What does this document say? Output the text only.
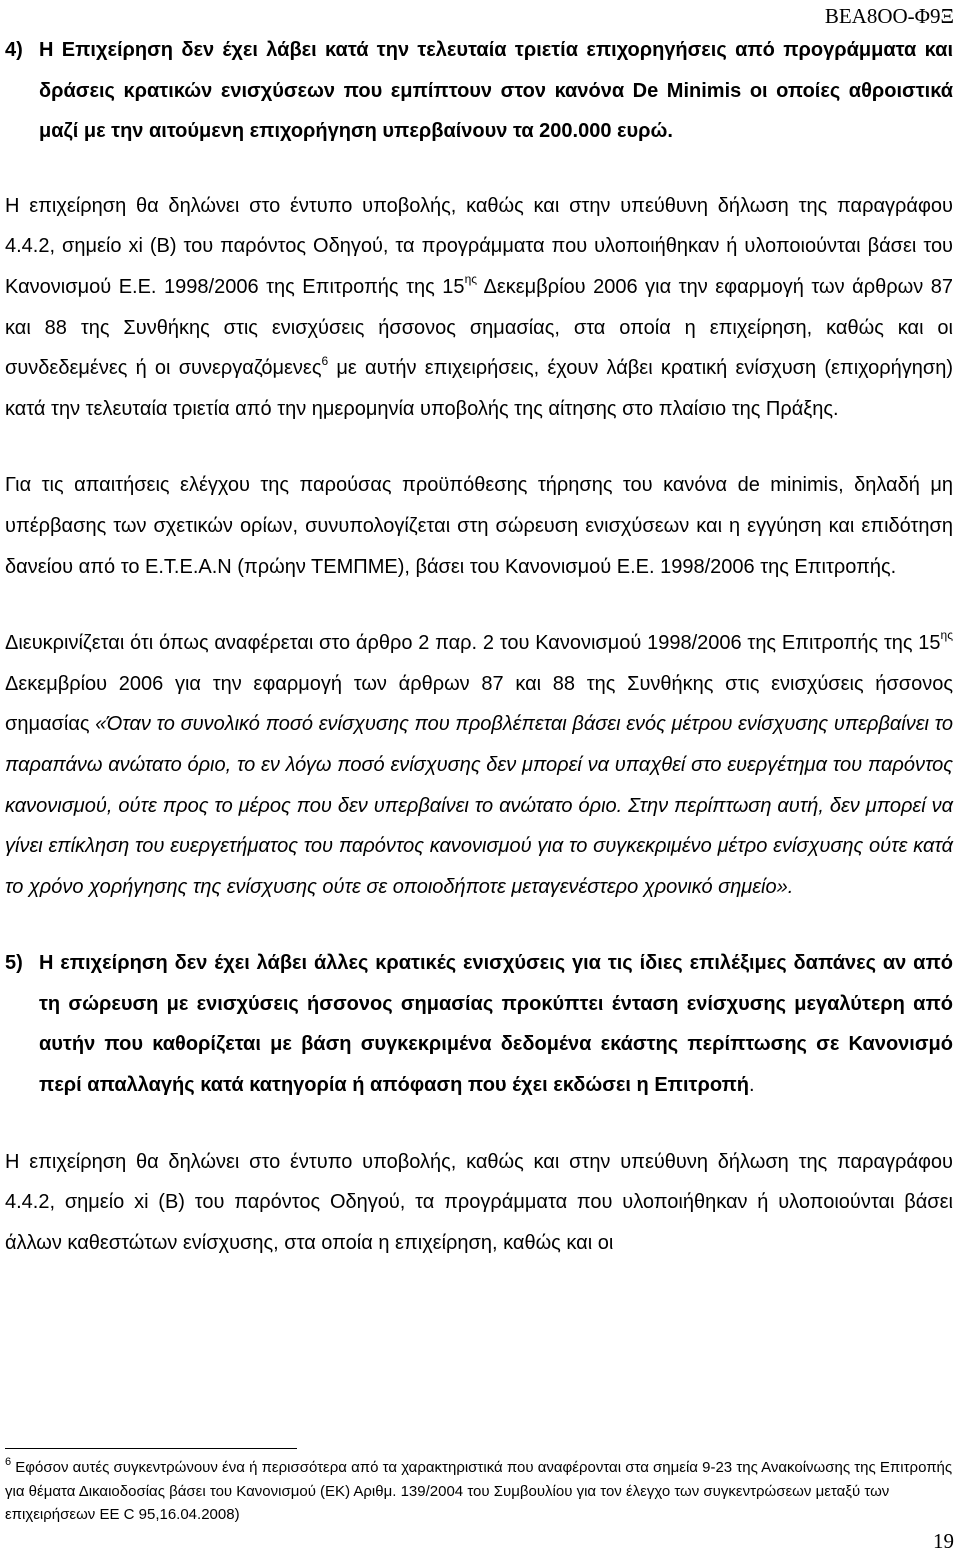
ΒΕΑ8ΟΟ-Φ9Ξ

4) Η Επιχείρηση δεν έχει λάβει κατά την τελευταία τριετία επιχορηγήσεις από προγράμματα και δράσεις κρατικών ενισχύσεων που εμπίπτουν στον κανόνα De Minimis οι οποίες αθροιστικά μαζί με την αιτούμενη επιχορήγηση υπερβαίνουν τα 200.000 ευρώ.

Η επιχείρηση θα δηλώνει στο έντυπο υποβολής, καθώς και στην υπεύθυνη δήλωση της παραγράφου 4.4.2, σημείο xi (Β) του παρόντος Οδηγού, τα προγράμματα που υλοποιήθηκαν ή υλοποιούνται βάσει του Κανονισμού Ε.Ε. 1998/2006 της Επιτροπής της $15^{\eta\varsigma}$ Δεκεμβρίου 2006 για την εφαρμογή των άρθρων 87 και 88 της Συνθήκης στις ενισχύσεις ήσσονος σημασίας, στα οποία η επιχείρηση, καθώς και οι συνδεδεμένες ή οι συνεργαζόμενες$^6$ με αυτήν επιχειρήσεις, έχουν λάβει κρατική ενίσχυση (επιχορήγηση) κατά την τελευταία τριετία από την ημερομηνία υποβολής της αίτησης στο πλαίσιο της Πράξης.

Για τις απαιτήσεις ελέγχου της παρούσας προϋπόθεσης τήρησης του κανόνα de minimis, δηλαδή μη υπέρβασης των σχετικών ορίων, συνυπολογίζεται στη σώρευση ενισχύσεων και η εγγύηση και επιδότηση δανείου από το Ε.Τ.Ε.Α.Ν (πρώην ΤΕΜΠΜΕ), βάσει του Κανονισμού Ε.Ε. 1998/2006 της Επιτροπής.

Διευκρινίζεται ότι όπως αναφέρεται στο άρθρο 2 παρ. 2 του Κανονισμού 1998/2006 της Επιτροπής της $15^{\eta\varsigma}$ Δεκεμβρίου 2006 για την εφαρμογή των άρθρων 87 και 88 της Συνθήκης στις ενισχύσεις ήσσονος σημασίας «Όταν το συνολικό ποσό ενίσχυσης που προβλέπεται βάσει ενός μέτρου ενίσχυσης υπερβαίνει το παραπάνω ανώτατο όριο, το εν λόγω ποσό ενίσχυσης δεν μπορεί να υπαχθεί στο ευεργέτημα του παρόντος κανονισμού, ούτε προς το μέρος που δεν υπερβαίνει το ανώτατο όριο. Στην περίπτωση αυτή, δεν μπορεί να γίνει επίκληση του ευεργετήματος του παρόντος κανονισμού για το συγκεκριμένο μέτρο ενίσχυσης ούτε κατά το χρόνο χορήγησης της ενίσχυσης ούτε σε οποιοδήποτε μεταγενέστερο χρονικό σημείο».

5) Η επιχείρηση δεν έχει λάβει άλλες κρατικές ενισχύσεις για τις ίδιες επιλέξιμες δαπάνες αν από τη σώρευση με ενισχύσεις ήσσονος σημασίας προκύπτει ένταση ενίσχυσης μεγαλύτερη από αυτήν που καθορίζεται με βάση συγκεκριμένα δεδομένα εκάστης περίπτωσης σε Κανονισμό περί απαλλαγής κατά κατηγορία ή απόφαση που έχει εκδώσει η Επιτροπή.

Η επιχείρηση θα δηλώνει στο έντυπο υποβολής, καθώς και στην υπεύθυνη δήλωση της παραγράφου 4.4.2, σημείο xi (Β) του παρόντος Οδηγού, τα προγράμματα που υλοποιήθηκαν ή υλοποιούνται βάσει άλλων καθεστώτων ενίσχυσης, στα οποία η επιχείρηση, καθώς και οι

$^6$ Εφόσον αυτές συγκεντρώνουν ένα ή περισσότερα από τα χαρακτηριστικά που αναφέρονται στα σημεία 9-23 της Ανακοίνωσης της Επιτροπής για θέματα Δικαιοδοσίας βάσει του Κανονισμού (ΕΚ) Αριθμ. 139/2004 του Συμβουλίου για τον έλεγχο των συγκεντρώσεων μεταξύ των επιχειρήσεων ΕΕ C 95,16.04.2008)
19
